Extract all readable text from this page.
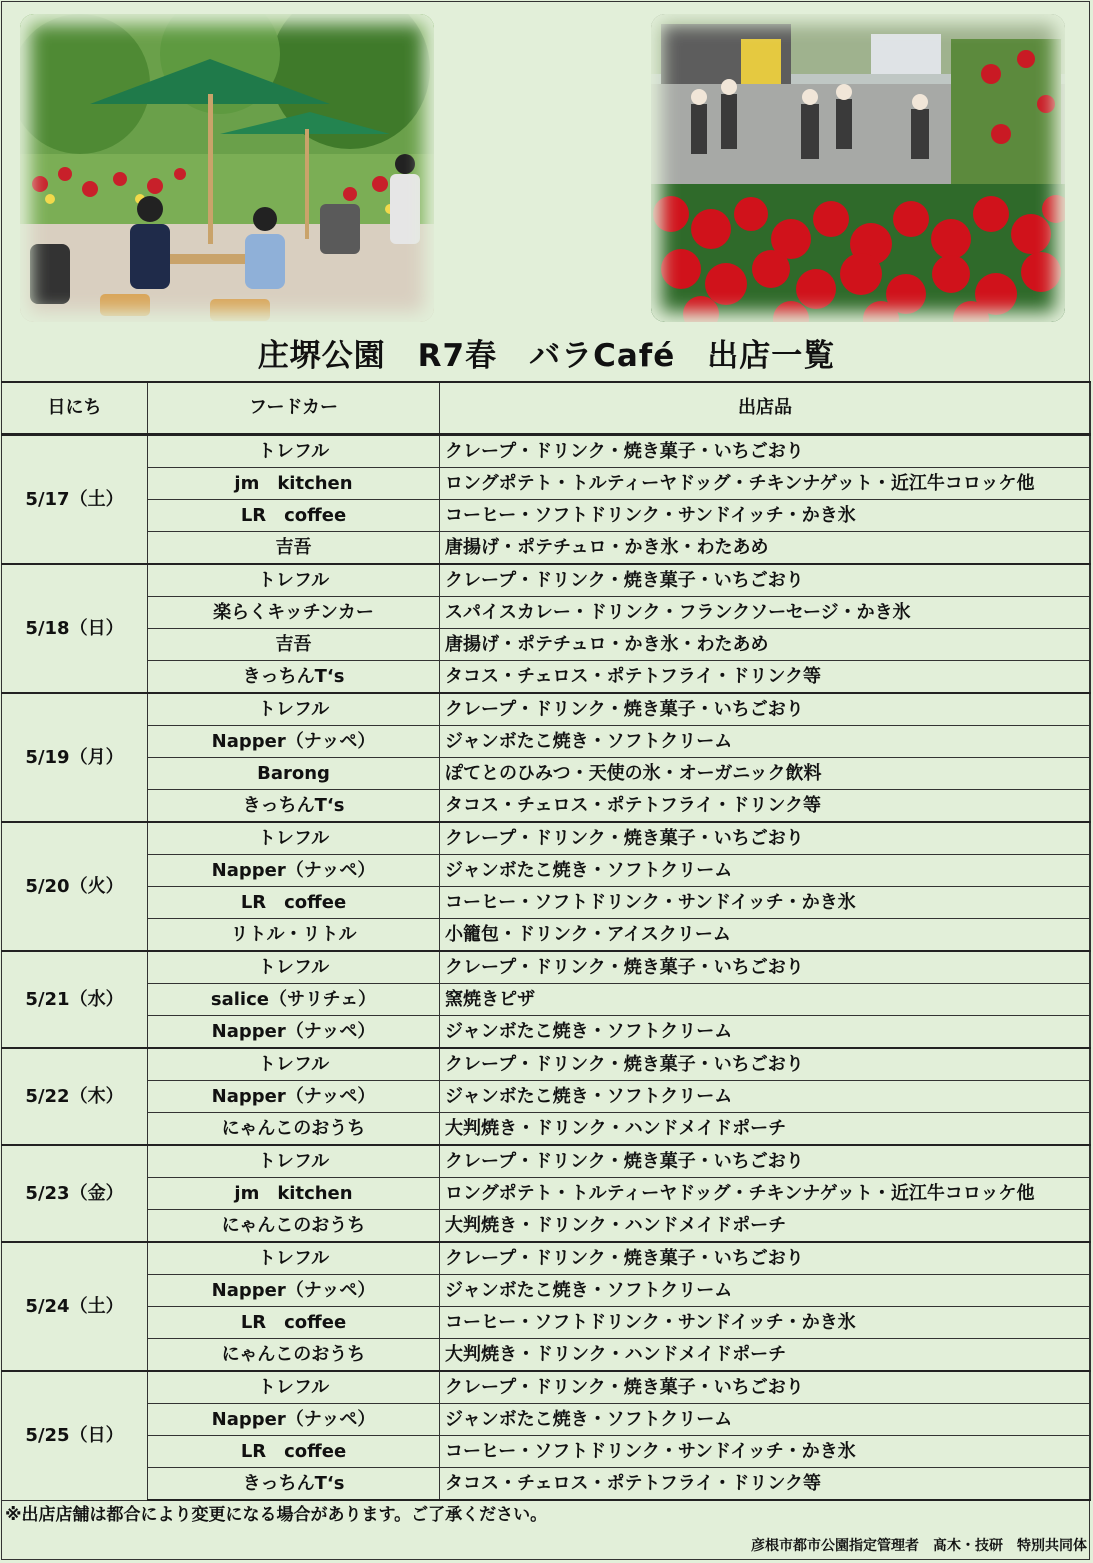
庄堺公園　R7春　バラCafé　出店一覧
日にち	フードカー	出店品
5/17（土）	トレフル	クレープ・ドリンク・焼き菓子・いちごおり
	jm　kitchen	ロングポテト・トルティーヤドッグ・チキンナゲット・近江牛コロッケ他
	LR　coffee	コーヒー・ソフトドリンク・サンドイッチ・かき氷
	吉吾	唐揚げ・ポテチュロ・かき氷・わたあめ
5/18（日）	トレフル	クレープ・ドリンク・焼き菓子・いちごおり
	楽らくキッチンカー	スパイスカレー・ドリンク・フランクソーセージ・かき氷
	吉吾	唐揚げ・ポテチュロ・かき氷・わたあめ
	きっちんT‘s	タコス・チェロス・ポテトフライ・ドリンク等
5/19（月）	トレフル	クレープ・ドリンク・焼き菓子・いちごおり
	Napper（ナッペ）	ジャンボたこ焼き・ソフトクリーム
	Barong	ぽてとのひみつ・天使の氷・オーガニック飲料
	きっちんT‘s	タコス・チェロス・ポテトフライ・ドリンク等
5/20（火）	トレフル	クレープ・ドリンク・焼き菓子・いちごおり
	Napper（ナッペ）	ジャンボたこ焼き・ソフトクリーム
	LR　coffee	コーヒー・ソフトドリンク・サンドイッチ・かき氷
	リトル・リトル	小籠包・ドリンク・アイスクリーム
5/21（水）	トレフル	クレープ・ドリンク・焼き菓子・いちごおり
	salice（サリチェ）	窯焼きピザ
	Napper（ナッペ）	ジャンボたこ焼き・ソフトクリーム
5/22（木）	トレフル	クレープ・ドリンク・焼き菓子・いちごおり
	Napper（ナッペ）	ジャンボたこ焼き・ソフトクリーム
	にゃんこのおうち	大判焼き・ドリンク・ハンドメイドポーチ
5/23（金）	トレフル	クレープ・ドリンク・焼き菓子・いちごおり
	jm　kitchen	ロングポテト・トルティーヤドッグ・チキンナゲット・近江牛コロッケ他
	にゃんこのおうち	大判焼き・ドリンク・ハンドメイドポーチ
5/24（土）	トレフル	クレープ・ドリンク・焼き菓子・いちごおり
	Napper（ナッペ）	ジャンボたこ焼き・ソフトクリーム
	LR　coffee	コーヒー・ソフトドリンク・サンドイッチ・かき氷
	にゃんこのおうち	大判焼き・ドリンク・ハンドメイドポーチ
5/25（日）	トレフル	クレープ・ドリンク・焼き菓子・いちごおり
	Napper（ナッペ）	ジャンボたこ焼き・ソフトクリーム
	LR　coffee	コーヒー・ソフトドリンク・サンドイッチ・かき氷
	きっちんT‘s	タコス・チェロス・ポテトフライ・ドリンク等
※出店店舗は都合により変更になる場合があります。ご了承ください。
彦根市都市公園指定管理者　髙木・技研　特別共同体
